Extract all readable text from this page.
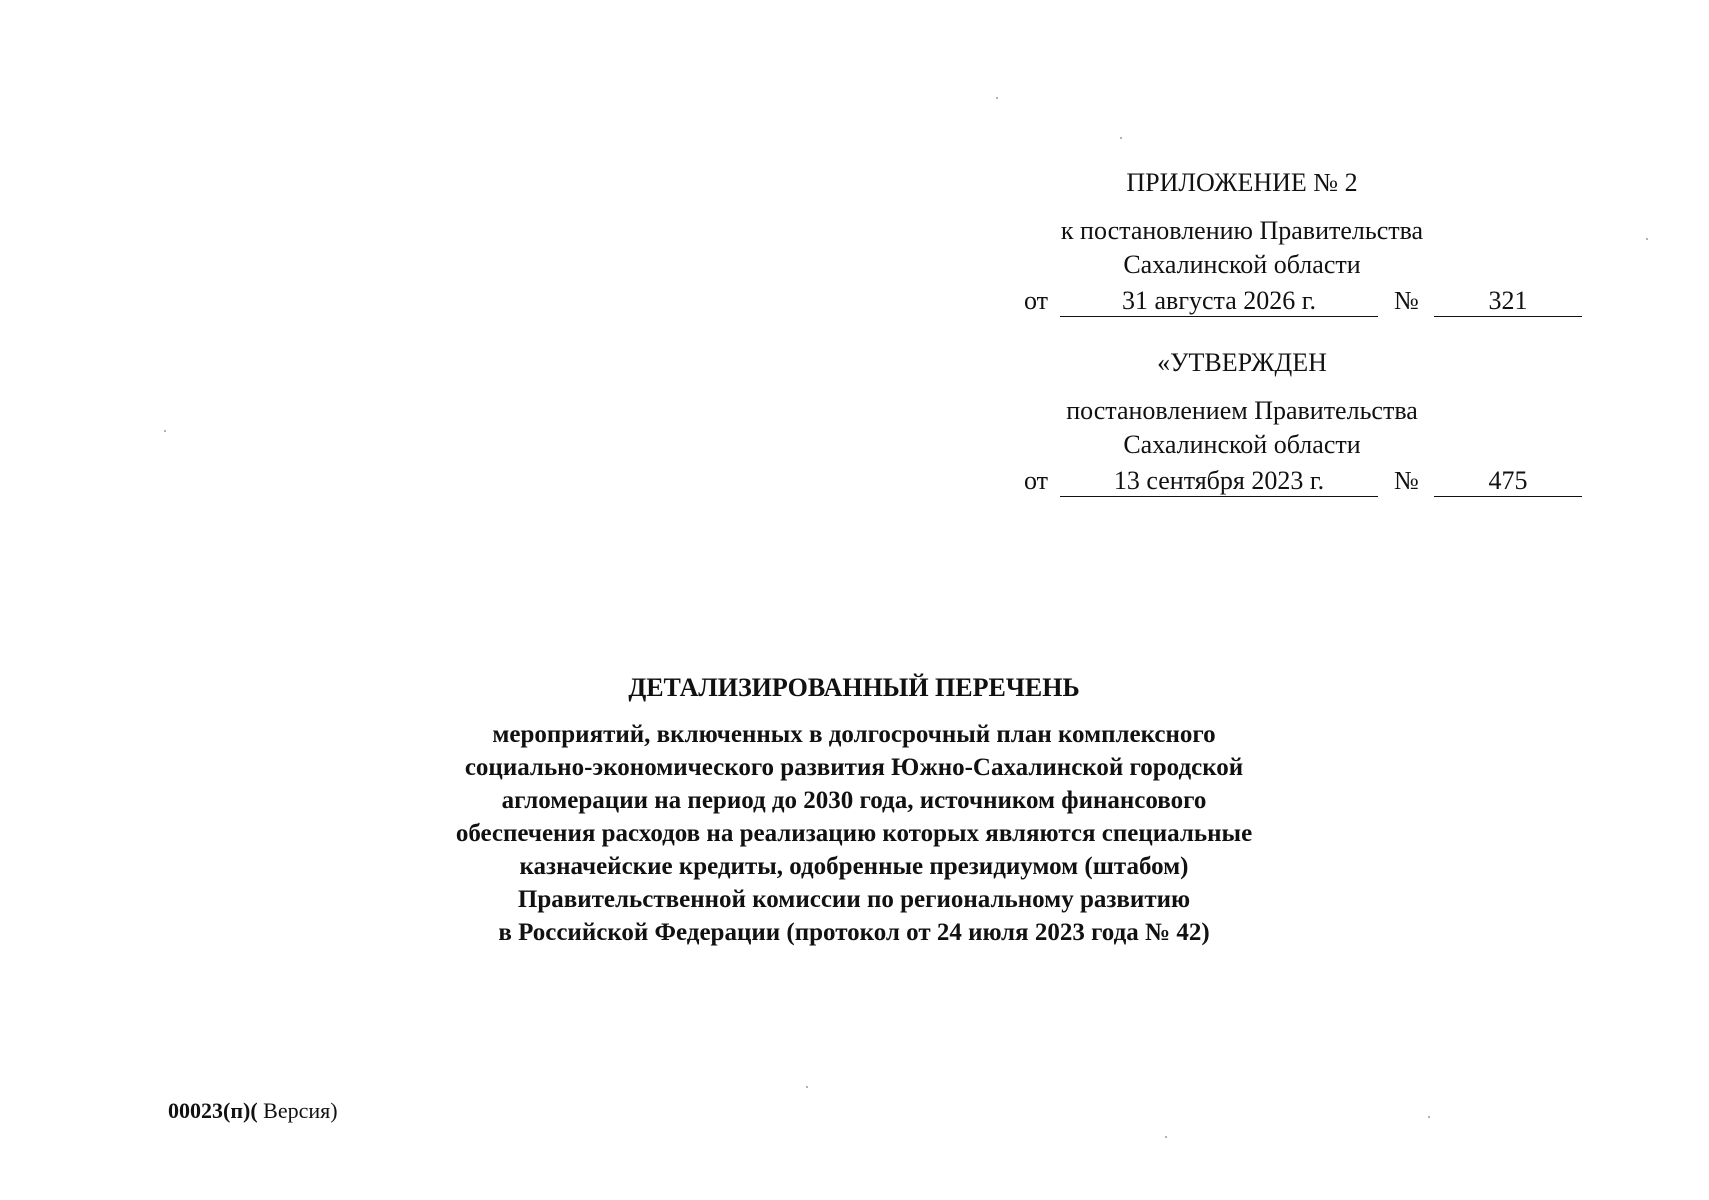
ПРИЛОЖЕНИЕ № 2
к постановлению Правительства
Сахалинской области
от	31 августа 2026 г.	№	321
«УТВЕРЖДЕН
постановлением Правительства
Сахалинской области
от	13 сентября 2023 г.	№	475
ДЕТАЛИЗИРОВАННЫЙ ПЕРЕЧЕНЬ
мероприятий, включенных в долгосрочный план комплексного
социально-экономического развития Южно-Сахалинской городской
агломерации на период до 2030 года, источником финансового
обеспечения расходов на реализацию которых являются специальные
казначейские кредиты, одобренные президиумом (штабом)
Правительственной комиссии по региональному развитию
в Российской Федерации (протокол от 24 июля 2023 года № 42)
00023(п)( Версия)
